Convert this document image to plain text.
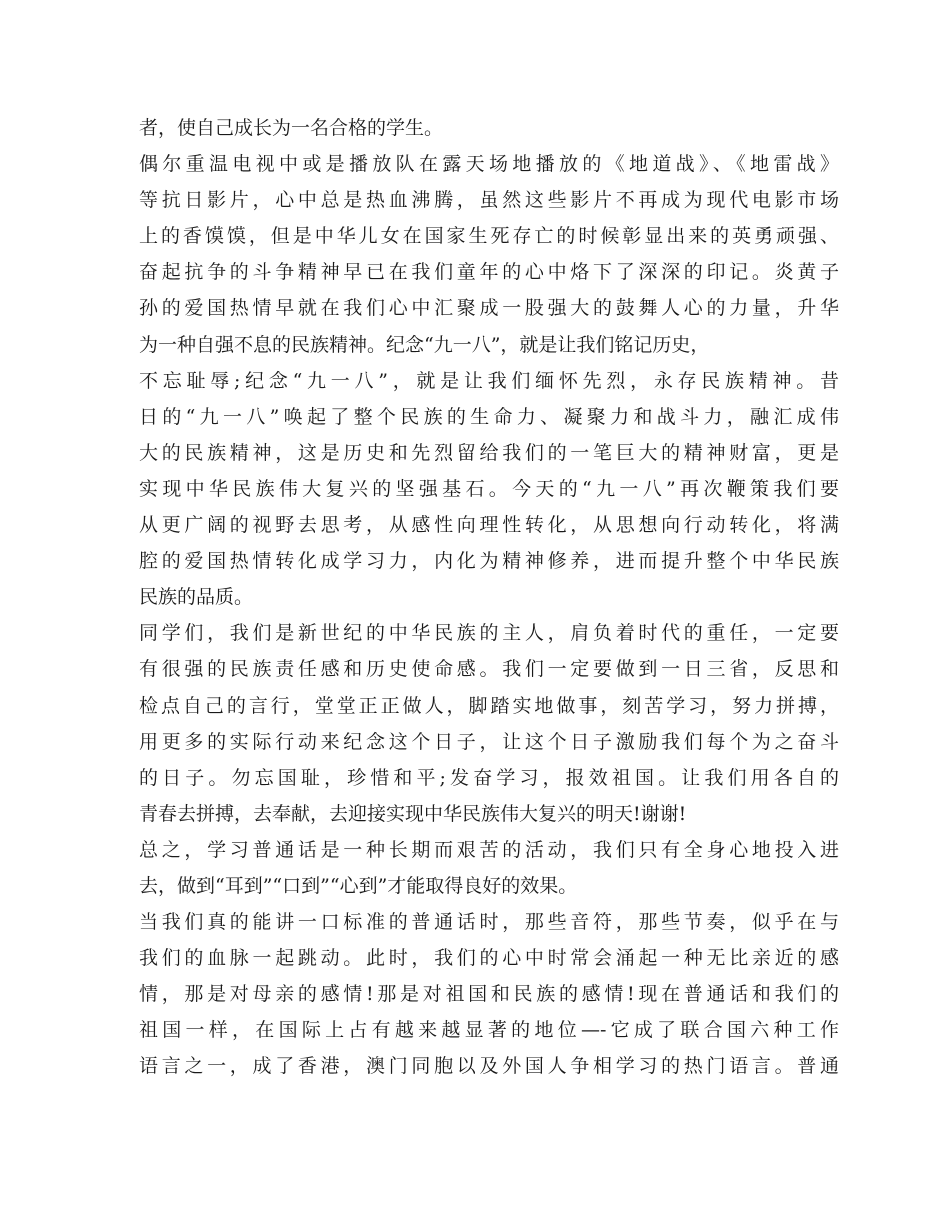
者，使自己成长为一名合格的学生。
偶尔重温电视中或是播放队在露天场地播放的《地道战》、《地雷战》
等抗日影片，心中总是热血沸腾，虽然这些影片不再成为现代电影市场
上的香馍馍，但是中华儿女在国家生死存亡的时候彰显出来的英勇顽强、
奋起抗争的斗争精神早已在我们童年的心中烙下了深深的印记。炎黄子
孙的爱国热情早就在我们心中汇聚成一股强大的鼓舞人心的力量，升华
为一种自强不息的民族精神。纪念“九一八”，就是让我们铭记历史，
不忘耻辱;纪念“九一八”，就是让我们缅怀先烈，永存民族精神。昔
日的“九一八”唤起了整个民族的生命力、凝聚力和战斗力，融汇成伟
大的民族精神，这是历史和先烈留给我们的一笔巨大的精神财富，更是
实现中华民族伟大复兴的坚强基石。今天的“九一八”再次鞭策我们要
从更广阔的视野去思考，从感性向理性转化，从思想向行动转化，将满
腔的爱国热情转化成学习力，内化为精神修养，进而提升整个中华民族
民族的品质。
同学们，我们是新世纪的中华民族的主人，肩负着时代的重任，一定要
有很强的民族责任感和历史使命感。我们一定要做到一日三省，反思和
检点自己的言行，堂堂正正做人，脚踏实地做事，刻苦学习，努力拼搏，
用更多的实际行动来纪念这个日子，让这个日子激励我们每个为之奋斗
的日子。勿忘国耻，珍惜和平;发奋学习，报效祖国。让我们用各自的
青春去拼搏，去奉献，去迎接实现中华民族伟大复兴的明天!谢谢!
总之，学习普通话是一种长期而艰苦的活动，我们只有全身心地投入进
去，做到“耳到”“口到”“心到”才能取得良好的效果。
当我们真的能讲一口标准的普通话时，那些音符，那些节奏，似乎在与
我们的血脉一起跳动。此时，我们的心中时常会涌起一种无比亲近的感
情，那是对母亲的感情!那是对祖国和民族的感情!现在普通话和我们的
祖国一样，在国际上占有越来越显著的地位—-它成了联合国六种工作
语言之一，成了香港，澳门同胞以及外国人争相学习的热门语言。普通
